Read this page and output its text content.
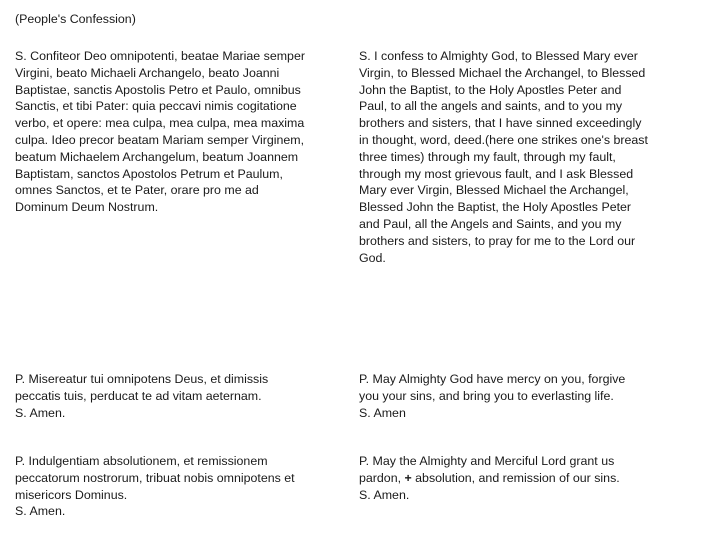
(People's Confession)
S. Confiteor Deo omnipotenti, beatae Mariae semper
Virgini, beato Michaeli Archangelo, beato Joanni
Baptistae, sanctis Apostolis Petro et Paulo, omnibus
Sanctis, et tibi Pater: quia peccavi nimis cogitatione
verbo, et opere: mea culpa, mea culpa, mea maxima
culpa. Ideo precor beatam Mariam semper Virginem,
beatum Michaelem Archangelum, beatum Joannem
Baptistam, sanctos Apostolos Petrum et Paulum,
omnes Sanctos, et te Pater, orare pro me ad
Dominum Deum Nostrum.
S. I confess to Almighty God, to Blessed Mary ever
Virgin, to Blessed Michael the Archangel, to Blessed
John the Baptist, to the Holy Apostles Peter and
Paul, to all the angels and saints, and to you my
brothers and sisters, that I have sinned exceedingly
in thought, word, deed.(here one strikes one's breast
three times) through my fault, through my fault,
through my most grievous fault, and I ask Blessed
Mary ever Virgin, Blessed Michael the Archangel,
Blessed John the Baptist, the Holy Apostles Peter
and Paul, all the Angels and Saints, and you my
brothers and sisters, to pray for me to the Lord our
God.
P. Misereatur tui omnipotens Deus, et dimissis
peccatis tuis, perducat te ad vitam aeternam.
S. Amen.
P. May Almighty God have mercy on you, forgive
you your sins, and bring you to everlasting life.
S. Amen
P. Indulgentiam absolutionem, et remissionem
peccatorum nostrorum, tribuat nobis omnipotens et
misericors Dominus.
S. Amen.
P. May the Almighty and Merciful Lord grant us
pardon, + absolution, and remission of our sins.
S. Amen.
